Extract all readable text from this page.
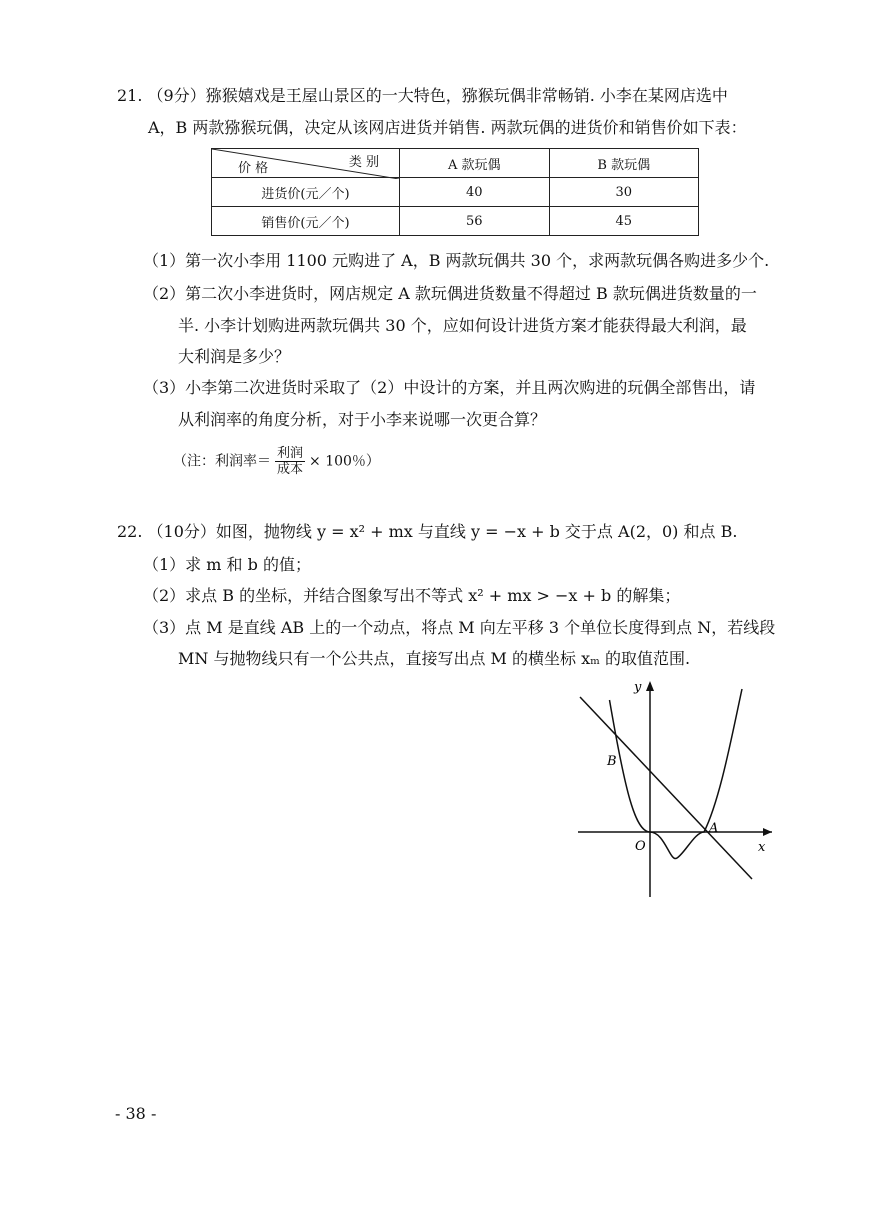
21. （9分）猕猴嬉戏是王屋山景区的一大特色，猕猴玩偶非常畅销. 小李在某网店选中
A，B 两款猕猴玩偶，决定从该网店进货并销售. 两款玩偶的进货价和销售价如下表：
类 别
价 格	A 款玩偶	B 款玩偶
进货价(元／个)	40	30
销售价(元／个)	56	45
（1）第一次小李用 1100 元购进了 A，B 两款玩偶共 30 个，求两款玩偶各购进多少个.
（2）第二次小李进货时，网店规定 A 款玩偶进货数量不得超过 B 款玩偶进货数量的一
半. 小李计划购进两款玩偶共 30 个，应如何设计进货方案才能获得最大利润，最
大利润是多少？
（3）小李第二次进货时采取了（2）中设计的方案，并且两次购进的玩偶全部售出，请
从利润率的角度分析，对于小李来说哪一次更合算？
（注：利润率＝ $\frac{\text{利润}}{\text{成本}} \times 100$％）
22. （10分）如图，抛物线 y = x² + mx 与直线 y = −x + b 交于点 A(2，0) 和点 B.
（1）求 m 和 b 的值；
（2）求点 B 的坐标，并结合图象写出不等式 x² + mx > −x + b 的解集；
（3）点 M 是直线 AB 上的一个动点，将点 M 向左平移 3 个单位长度得到点 N，若线段
MN 与抛物线只有一个公共点，直接写出点 M 的横坐标 xₘ 的取值范围.
y
x
O
A
B
- 38 -
